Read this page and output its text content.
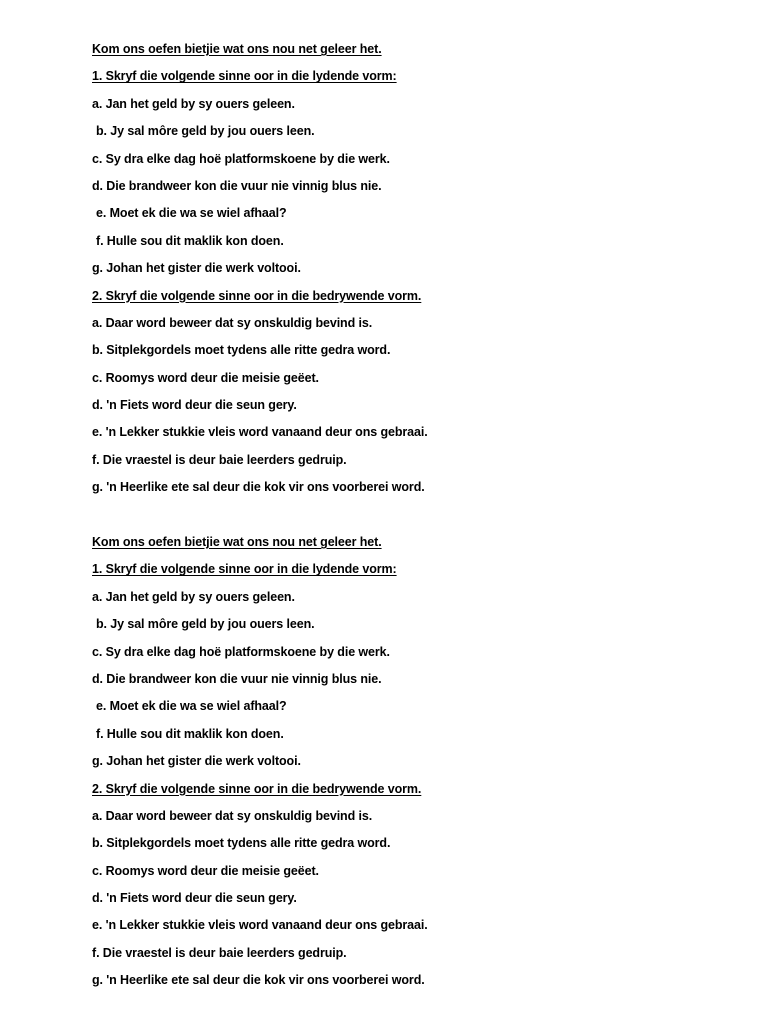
Kom ons oefen bietjie wat ons nou net geleer het.
1. Skryf die volgende sinne oor in die lydende vorm:
a. Jan het geld by sy ouers geleen.
b. Jy sal môre geld by jou ouers leen.
c. Sy dra elke dag hoë platformskoene by die werk.
d. Die brandweer kon die vuur nie vinnig blus nie.
e. Moet ek die wa se wiel afhaal?
f. Hulle sou dit maklik kon doen.
g. Johan het gister die werk voltooi.
2. Skryf die volgende sinne oor in die bedrywende vorm.
a. Daar word beweer dat sy onskuldig bevind is.
b. Sitplekgordels moet tydens alle ritte gedra word.
c. Roomys word deur die meisie geëet.
d. 'n Fiets word deur die seun gery.
e. 'n Lekker stukkie vleis word vanaand deur ons gebraai.
f. Die vraestel is deur baie leerders gedruip.
g. 'n Heerlike ete sal deur die kok vir ons voorberei word.
Kom ons oefen bietjie wat ons nou net geleer het.
1. Skryf die volgende sinne oor in die lydende vorm:
a. Jan het geld by sy ouers geleen.
b. Jy sal môre geld by jou ouers leen.
c. Sy dra elke dag hoë platformskoene by die werk.
d. Die brandweer kon die vuur nie vinnig blus nie.
e. Moet ek die wa se wiel afhaal?
f. Hulle sou dit maklik kon doen.
g. Johan het gister die werk voltooi.
2. Skryf die volgende sinne oor in die bedrywende vorm.
a. Daar word beweer dat sy onskuldig bevind is.
b. Sitplekgordels moet tydens alle ritte gedra word.
c. Roomys word deur die meisie geëet.
d. 'n Fiets word deur die seun gery.
e. 'n Lekker stukkie vleis word vanaand deur ons gebraai.
f. Die vraestel is deur baie leerders gedruip.
g. 'n Heerlike ete sal deur die kok vir ons voorberei word.
